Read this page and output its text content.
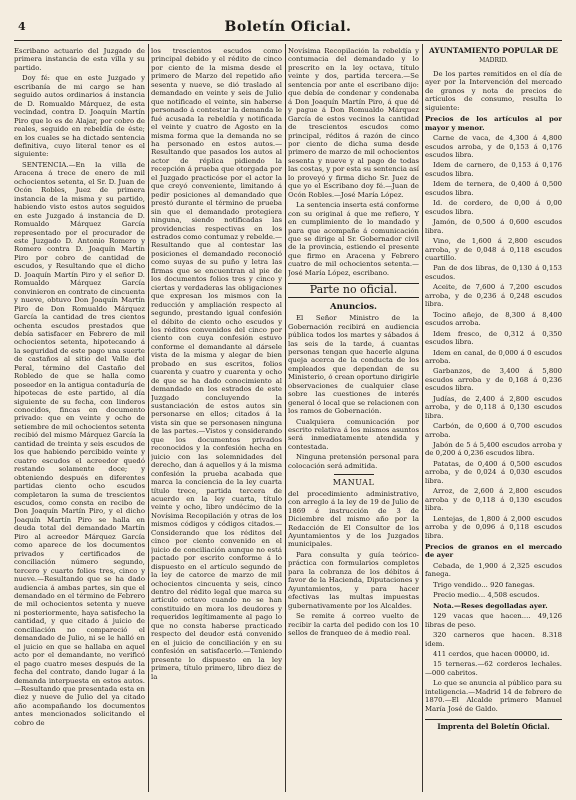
4	Boletín Oficial.

Escribano actuario del Juzgado de primera instancia de esta villa y su partido.

Doy fé: que en este Juzgado y escribanía de mi cargo se han seguido autos ordinarios á instancia de D. Romualdo Márquez, de esta vecindad, contra D. Joaquín Martín Piro que lo es de Alajar, por cobro de reales, seguido en rebeldía de éste; en los cuales se ha dictado sentencia definitiva, cuyo literal tenor es el siguiente:

SENTENCIA.—En la villa de Aracena á trece de enero de mil ochocientos setenta, el Sr. D. Juan de Ocón Robles, Juez de primera instancia de la misma y su partido, habiendo visto estos autos seguidos en este Juzgado á instancia de D. Romualdo Márquez García representado por el procurador de este Juzgado D. Antonio Romero y Romero contra D. Joaquín Martín Piro por cobro de cantidad de escudos, y Resultando que el dicho D. Joaquín Martín Piro y el señor D. Romualdo Márquez García convinieron en contrato de cincuenta y nueve, obtuvo Don Joaquín Martín Piro de Don Romualdo Márquez García la cantidad de tres cientos ochenta escudos prestados que debía satisfacer en Febrero de mil ochocientos setenta, hipotecando á la seguridad de este pago una suerte de castaños al sitio del Valle del Peral, término del Castaño del Robledo de que se halla como poseedor en la antigua contaduría de hipotecas de este partido, al día siguiente de su fecha, con linderos conocidos, fincas en documento privado: que en veinte y ocho de setiembre de mil ochocientos setenta recibió del mismo Márquez García la cantidad de treinta y seis escudos de los que habiendo percibido veinte y cuatro escudos el acreedor quedó restando solamente doce; y obteniendo después en diferentes partidas ciento ocho escudos completaron la suma de trescientos escudos, como consta en recibo de Don Joaquín Martín Piro, y el dicho Joaquín Martín Piro se halla en deuda total del demandado Martín Piro al acreedor Márquez García como aparece de los documentos privados y certificados de conciliación número segundo, tercero y cuarto folios tres, cinco y nueve.—Resultando que se ha dado audiencia á ambas partes, sin que el demandado en el término de Febrero de mil ochocientos setenta y nueve ni posteriormente, haya satisfecho la cantidad, y que citado á juicio de conciliación no compareció el demandado de Julio, ni se le halló en el juicio en que se hallaba en aquel acto por el demandante, no verificó el pago cuatro meses después de la fecha del contrato, dando lugar á la demanda interpuesta en estos autos.—Resultando que presentada esta en diez y nueve de Julio del ya citado año acompañando los documentos antes mencionados solicitando el cobro de

los trescientos escudos como principal debido y el rédito de cinco por ciento de la misma desde el primero de Marzo del repetido año sesenta y nueve, se dió traslado al demandado en veinte y seis de Julio que notificado el veinte, sin haberse personado á contestar la demanda le fué acusada la rebeldía y notificada el veinte y cuatro de Agosto en la misma forma que la demanda no se ha personado en estos autos.—Resultando que pasados los autos al actor de réplica pidiendo la recepción á prueba que otorgada por el Juzgado practicóse por el actor la que creyó conveniente, limitando á pedir posiciones al demandado que prestó durante el término de prueba sin que el demandado protegiera ninguna, siendo notificadas las providencias respectivas en los estrados como contumaz y rebelde.—Resultando que al contestar las posiciones el demandado reconoció como suyas de su puño y letra las firmas que se encuentran al pie de los documentos folios tres y cinco y ciertas y verdaderas las obligaciones que expresan los mismos con la reducción y ampliación respecto al segundo, prestando igual confesión el débito de ciento ocho escudos y los réditos convenidos del cinco por ciento con cuya confesión estuvo conforme el demandante al dársele vista de la misma y alegar de bien probado en sus escritos, folios cuarenta y cuatro y cuarenta y ocho de que se ha dado conocimiento al demandado en los estrados de este Juzgado concluyendo la sustanciación de estos autos sin personarse en ellos; citados á la vista sin que se personasen ninguna de las partes.—Vistos y considerando que los documentos privados reconocidos y la confesión hecha en juicio con las solemnidades del derecho, dan á aquellos y á la misma confesión la prueba acabada que marca la conciencia de la ley cuarta título trece, partida tercera de acuerdo en la ley cuarta, título veinte y ocho, libro undécimo de la Novísima Recopilación y otras de los mismos códigos y códigos citados.—Considerando que los réditos del cinco por ciento convenido en el juicio de conciliación aunque no está pactado por escrito conforme á lo dispuesto en el artículo segundo de la ley de catorce de marzo de mil ochocientos cincuenta y seis, cinco dentro del rédito legal que marca su artículo octavo cuando no se han constituido en mora los deudores y requeridos legítimamente al pago lo que no consta haberse practicado respecto del deudor está convenido en el juicio de conciliación y en su confesión en satisfacerlo.—Teniendo presente lo dispuesto en la ley primera, título primero, libro diez de la

Novísima Recopilación la rebeldía y contumacia del demandado y lo prescrito en la ley octava, título veinte y dos, partida tercera.—Se sentencia por ante el escribano dijo: que debía de condenar y condenaba á Don Joaquín Martín Piro, á que dé y pague á Don Romualdo Márquez García de estos vecinos la cantidad de trescientos escudos como principal, réditos á razón de cinco por ciento de dicha suma desde primero de marzo de mil ochocientos sesenta y nueve y al pago de todas las costas, y por esta su sentencia así lo proveyó y firma dicho Sr. Juez de que yo el Escribano doy fé.—Juan de Ocón Robles.—José María López.

La sentencia inserta está conforme con su original á que me refiero, Y en cumplimiento de lo mandado y para que acompañe á comunicación que se dirige al Sr. Gobernador civil de la provincia, estiendo el presente que firmo en Aracena y Febrero cuatro de mil ochocientos setenta.—José María López, escribano.

Parte no oficial.
Anuncios.

El Señor Ministro de la Gobernación recibirá en audiencia pública todos los martes y sábados á las seis de la tarde, á cuantas personas tengan que hacerle alguna queja acerca de la conducta de los empleados que dependan de su Ministerio, ó crean oportuno dirigirle observaciones de cualquier clase sobre las cuestiones de interés general ó local que se relacionen con los ramos de Gobernación.

Cualquiera comunicación por escrito relativa á los mismos asuntos será inmediatamente atendida y contestada.

Ninguna pretensión personal para colocación será admitida.

MANUAL

del procedimiento administrativo, con arreglo á la ley de 19 de Julio de 1869 é instrucción de 3 de Diciembre del mismo año por la Redacción de El Consultor de los Ayuntamientos y de los Juzgados municipales.

Para consulta y guía teórico-práctica con formularios completos para la cobranza de los débitos á favor de la Hacienda, Diputaciones y Ayuntamientos, y para hacer efectivas las multas impuestas gubernativamente por los Alcaldes.

Se remite á correo vuelto de recibir la carta del pedido con los 10 sellos de franqueo de á medio real.

AYUNTAMIENTO POPULAR DE
MADRID.

De los partes remitidos en el día de ayer por la Intervención del mercado de granos y nota de precios de artículos de consumo, resulta lo siguiente:

Precios de los artículos al por mayor y menor.

Carne de vaca, de 4,300 á 4,800 escudos arroba, y de 0,153 á 0,176 escudos libra.

Idem de carnero, de 0,153 á 0,176 escudos libra.

Idem de ternera, de 0,400 á 0,500 escudos libra.

Id. de cordero, de 0,00 á 0,00 escudos libra.

Jamón, de 0,500 á 0,600 escudos libra.

Vino, de 1,600 á 2,800 escudos arroba, y de 0,048 á 0,118 escudos cuartillo.

Pan de dos libras, de 0,130 á 0,153 escudos.

Aceite, de 7,600 á 7,200 escudos arroba, y de 0,236 á 0,248 escudos libra.

Tocino añejo, de 8,300 á 8,400 escudos arroba.

Idem fresco, de 0,312 á 0,350 escudos libra.

Idem en canal, de 0,000 á 0 escudos arroba.

Garbanzos, de 3,400 á 5,800 escudos arroba y de 0,168 á 0,236 escudos libra.

Judías, de 2,400 á 2,800 escudos arroba, y de 0,118 á 0,130 escudos libra.

Carbón, de 0,600 á 0,700 escudos arroba.

Jabón de 5 á 5,400 escudos arroba y de 0,200 á 0,236 escudos libra.

Patatas, de 0,400 á 0,500 escudos arroba, y de 0,024 á 0,030 escudos libra.

Arroz, de 2,600 á 2,800 escudos arroba y de 0,118 á 0,130 escudos libra.

Lentejas, de 1,800 á 2,000 escudos arroba y de 0,096 á 0,118 escudos libra.

Precios de granos en el mercado de ayer

Cebada, de 1,900 á 2,325 escudos fanega.

Trigo vendido... 920 fanegas.

Precio medio... 4,508 escudos.

Nota.—Reses degolladas ayer.

129 vacas que hacen.... 49,126 libras de peso.

320 carneros que hacen. 8.318 idem.

411 cerdos, que hacen 00000, id.

15 terneras.—62 corderos lechales.—000 cabritos.

Lo que se anuncia al público para su inteligencia.—Madrid 14 de febrero de 1870.—El Alcalde primero Manuel María José de Galdo.

Imprenta del Boletín Oficial.
